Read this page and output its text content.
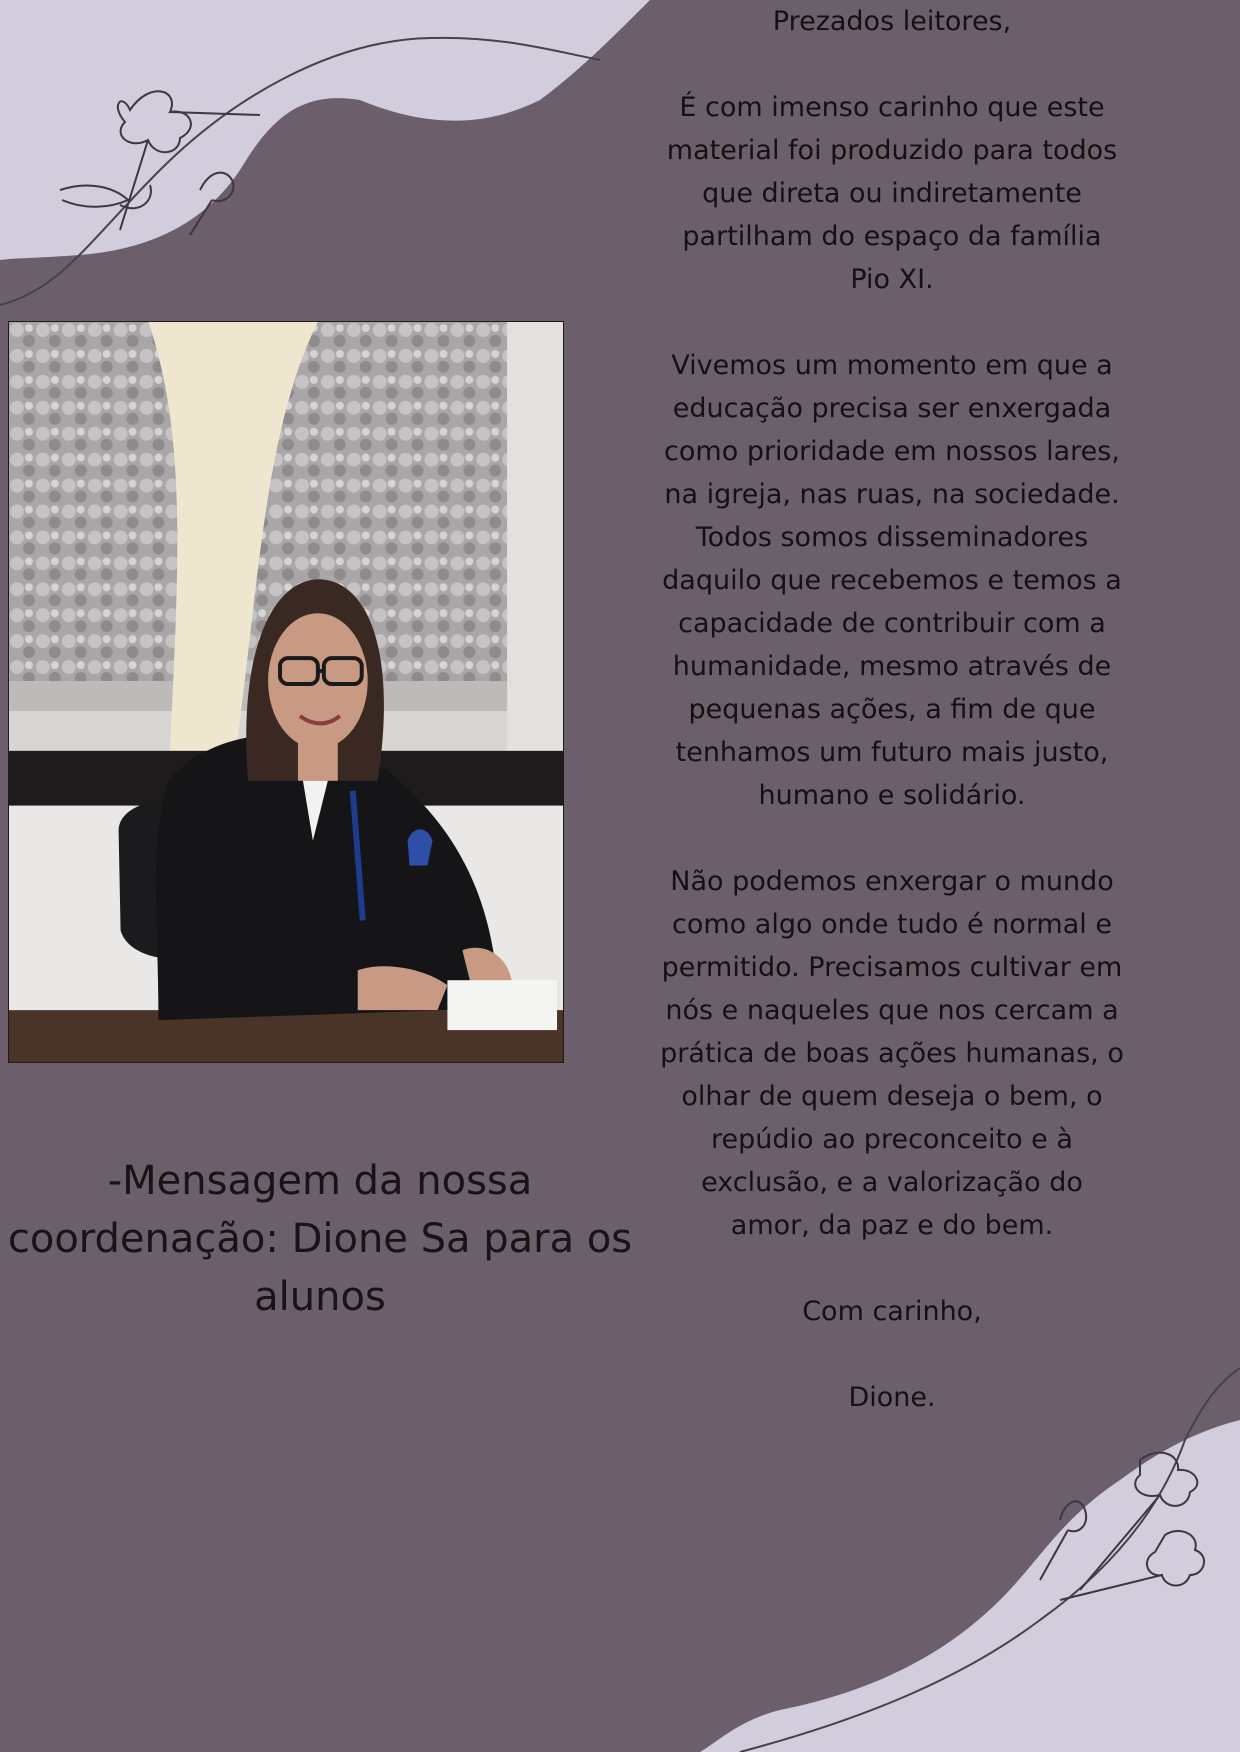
-Mensagem da nossa coordenação: Dione Sa para os alunos

Prezados leitores,

É com imenso carinho que este material foi produzido para todos que direta ou indiretamente partilham do espaço da família Pio XI.

Vivemos um momento em que a educação precisa ser enxergada como prioridade em nossos lares, na igreja, nas ruas, na sociedade. Todos somos disseminadores daquilo que recebemos e temos a capacidade de contribuir com a humanidade, mesmo através de pequenas ações, a fim de que tenhamos um futuro mais justo, humano e solidário.

Não podemos enxergar o mundo como algo onde tudo é normal e permitido. Precisamos cultivar em nós e naqueles que nos cercam a prática de boas ações humanas, o olhar de quem deseja o bem, o repúdio ao preconceito e à exclusão, e a valorização do amor, da paz e do bem.

Com carinho,

Dione.
